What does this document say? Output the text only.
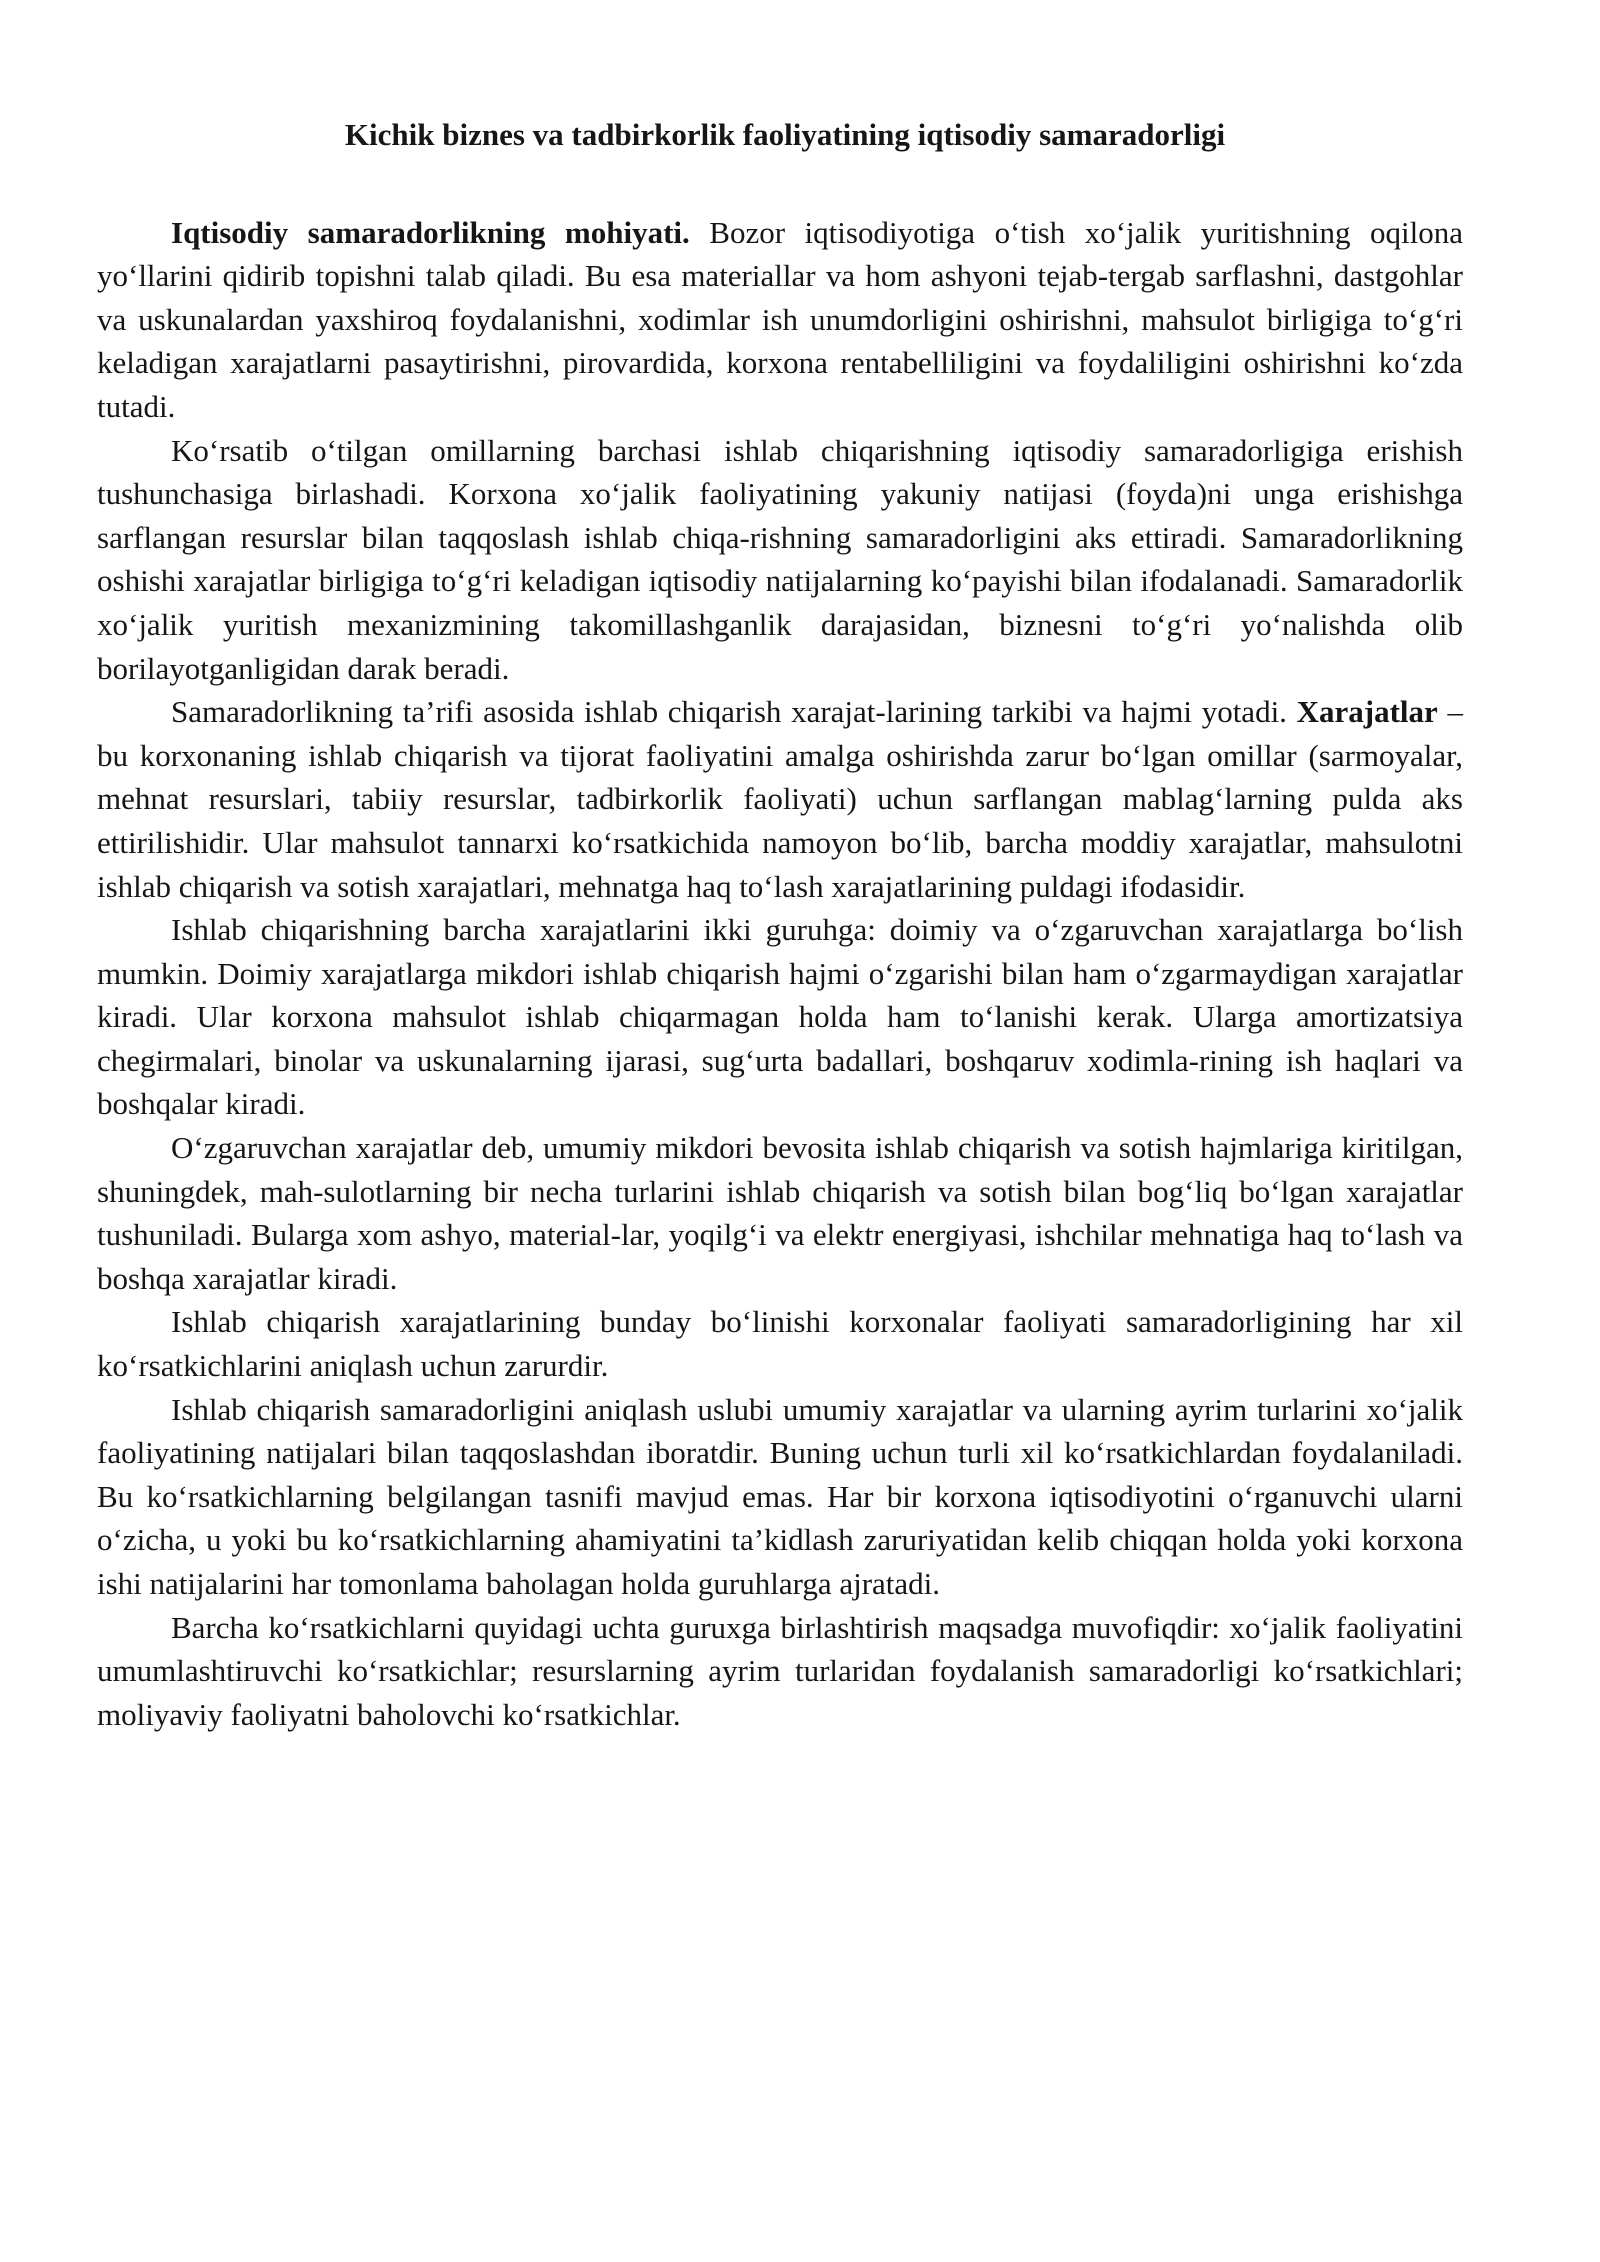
Kichik biznes va tadbirkorlik faoliyatining iqtisodiy samaradorligi

Iqtisodiy samaradorlikning mohiyati. Bozor iqtisodiyotiga o‘tish xo‘jalik yuritishning oqilona yo‘llarini qidirib topishni talab qiladi. Bu esa materiallar va hom ashyoni tejab-tergab sarflashni, dastgohlar va uskunalardan yaxshiroq foydalanishni, xodimlar ish unumdorligini oshirishni, mahsulot birligiga to‘g‘ri keladigan xarajatlarni pasaytirishni, pirovardida, korxona rentabelliligini va foydaliligini oshirishni ko‘zda tutadi.

Ko‘rsatib o‘tilgan omillarning barchasi ishlab chiqarishning iqtisodiy samaradorligiga erishish tushunchasiga birlashadi. Korxona xo‘jalik faoliyatining yakuniy natijasi (foyda)ni unga erishishga sarflangan resurslar bilan taqqoslash ishlab chiqa-rishning samaradorligini aks ettiradi. Samaradorlikning oshishi xarajatlar birligiga to‘g‘ri keladigan iqtisodiy natijalarning ko‘payishi bilan ifodalanadi. Samaradorlik xo‘jalik yuritish mexanizmining takomillashganlik darajasidan, biznesni to‘g‘ri yo‘nalishda olib borilayotganligidan darak beradi.

Samaradorlikning ta’rifi asosida ishlab chiqarish xarajat-larining tarkibi va hajmi yotadi. Xarajatlar – bu korxonaning ishlab chiqarish va tijorat faoliyatini amalga oshirishda zarur bo‘lgan omillar (sarmoyalar, mehnat resurslari, tabiiy resurslar, tadbirkorlik faoliyati) uchun sarflangan mablag‘larning pulda aks ettirilishidir. Ular mahsulot tannarxi ko‘rsatkichida namoyon bo‘lib, barcha moddiy xarajatlar, mahsulotni ishlab chiqarish va sotish xarajatlari, mehnatga haq to‘lash xarajatlarining puldagi ifodasidir.

Ishlab chiqarishning barcha xarajatlarini ikki guruhga: doimiy va o‘zgaruvchan xarajatlarga bo‘lish mumkin. Doimiy xarajatlarga mikdori ishlab chiqarish hajmi o‘zgarishi bilan ham o‘zgarmaydigan xarajatlar kiradi. Ular korxona mahsulot ishlab chiqarmagan holda ham to‘lanishi kerak. Ularga amortizatsiya chegirmalari, binolar va uskunalarning ijarasi, sug‘urta badallari, boshqaruv xodimla-rining ish haqlari va boshqalar kiradi.

O‘zgaruvchan xarajatlar deb, umumiy mikdori bevosita ishlab chiqarish va sotish hajmlariga kiritilgan, shuningdek, mah-sulotlarning bir necha turlarini ishlab chiqarish va sotish bilan bog‘liq bo‘lgan xarajatlar tushuniladi. Bularga xom ashyo, material-lar, yoqilg‘i va elektr energiyasi, ishchilar mehnatiga haq to‘lash va boshqa xarajatlar kiradi.

Ishlab chiqarish xarajatlarining bunday bo‘linishi korxonalar faoliyati samaradorligining har xil ko‘rsatkichlarini aniqlash uchun zarurdir.

Ishlab chiqarish samaradorligini aniqlash uslubi umumiy xarajatlar va ularning ayrim turlarini xo‘jalik faoliyatining natijalari bilan taqqoslashdan iboratdir. Buning uchun turli xil ko‘rsatkichlardan foydalaniladi. Bu ko‘rsatkichlarning belgilangan tasnifi mavjud emas. Har bir korxona iqtisodiyotini o‘rganuvchi ularni o‘zicha, u yoki bu ko‘rsatkichlarning ahamiyatini ta’kidlash zaruriyatidan kelib chiqqan holda yoki korxona ishi natijalarini har tomonlama baholagan holda guruhlarga ajratadi.

Barcha ko‘rsatkichlarni quyidagi uchta guruxga birlashtirish maqsadga muvofiqdir: xo‘jalik faoliyatini umumlashtiruvchi ko‘rsatkichlar; resurslarning ayrim turlaridan foydalanish samaradorligi ko‘rsatkichlari; moliyaviy faoliyatni baholovchi ko‘rsatkichlar.
